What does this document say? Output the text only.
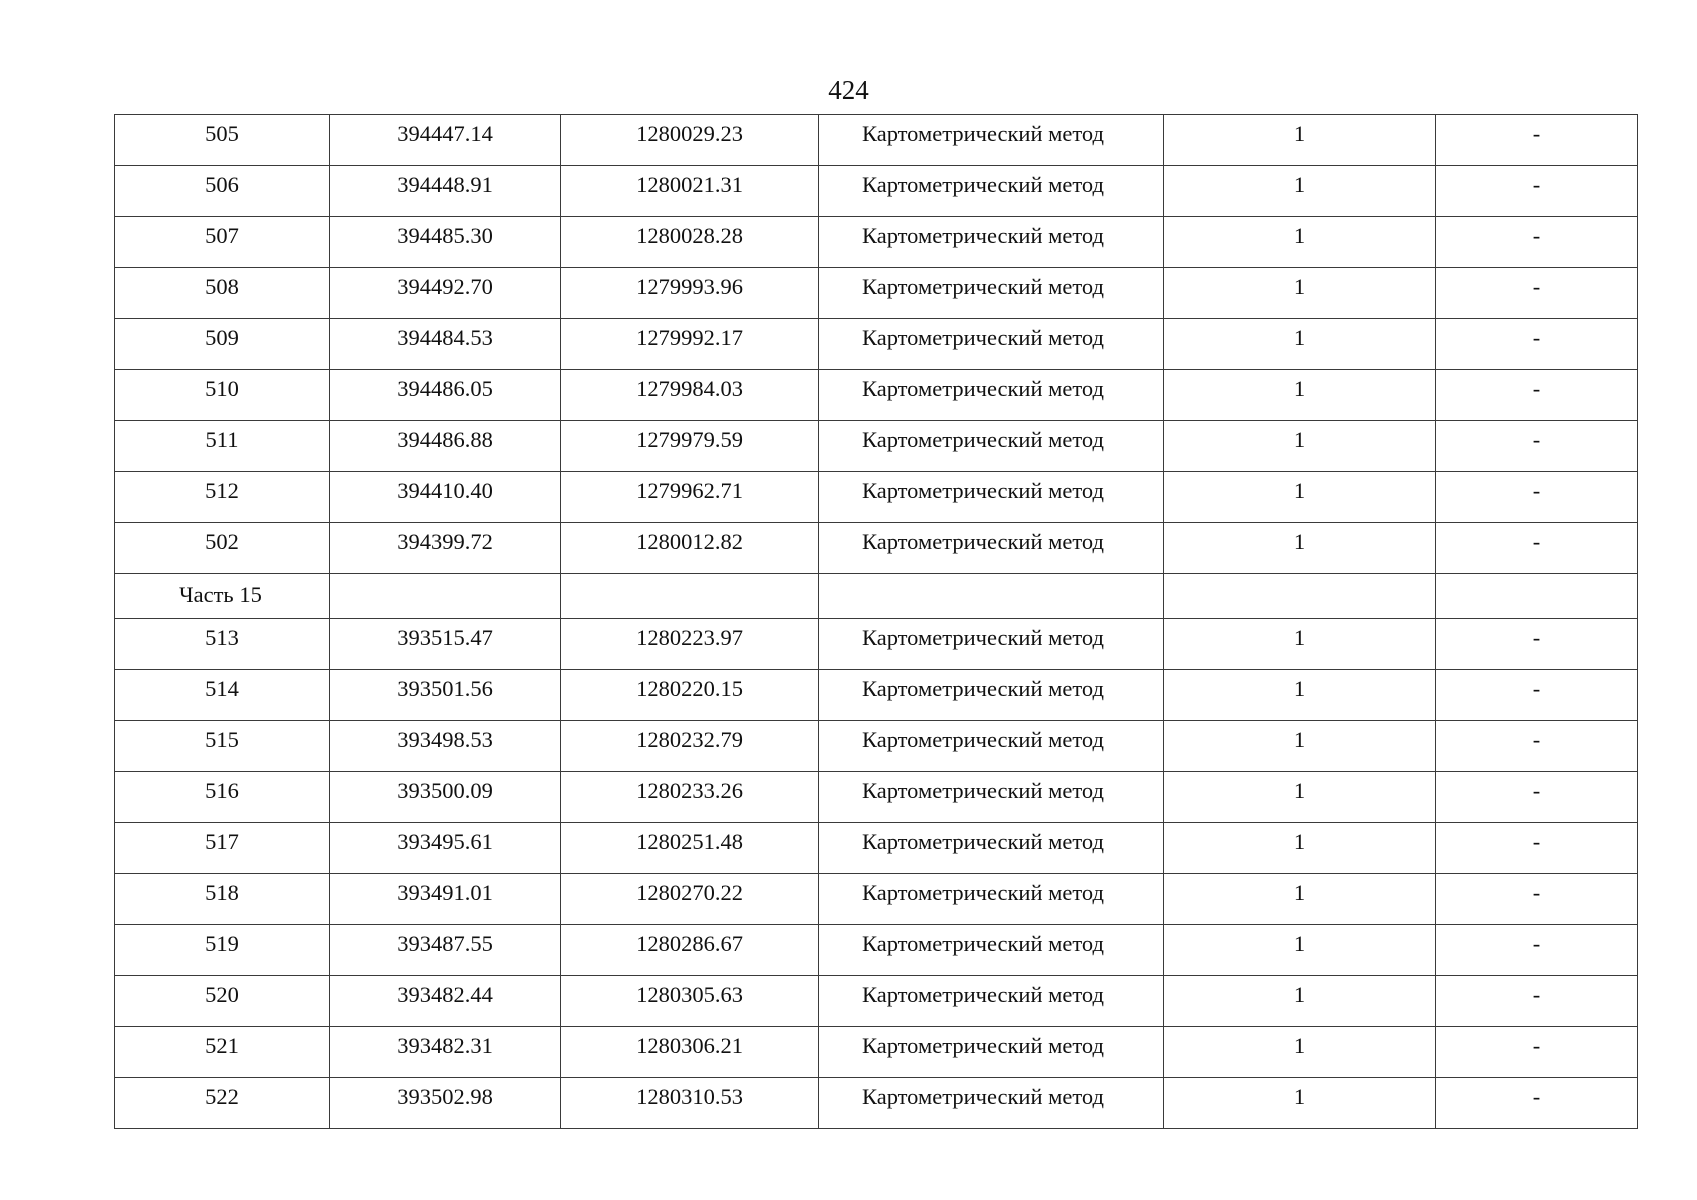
424
505	394447.14	1280029.23	Картометрический метод	1	-
506	394448.91	1280021.31	Картометрический метод	1	-
507	394485.30	1280028.28	Картометрический метод	1	-
508	394492.70	1279993.96	Картометрический метод	1	-
509	394484.53	1279992.17	Картометрический метод	1	-
510	394486.05	1279984.03	Картометрический метод	1	-
511	394486.88	1279979.59	Картометрический метод	1	-
512	394410.40	1279962.71	Картометрический метод	1	-
502	394399.72	1280012.82	Картометрический метод	1	-
Часть 15					
513	393515.47	1280223.97	Картометрический метод	1	-
514	393501.56	1280220.15	Картометрический метод	1	-
515	393498.53	1280232.79	Картометрический метод	1	-
516	393500.09	1280233.26	Картометрический метод	1	-
517	393495.61	1280251.48	Картометрический метод	1	-
518	393491.01	1280270.22	Картометрический метод	1	-
519	393487.55	1280286.67	Картометрический метод	1	-
520	393482.44	1280305.63	Картометрический метод	1	-
521	393482.31	1280306.21	Картометрический метод	1	-
522	393502.98	1280310.53	Картометрический метод	1	-
